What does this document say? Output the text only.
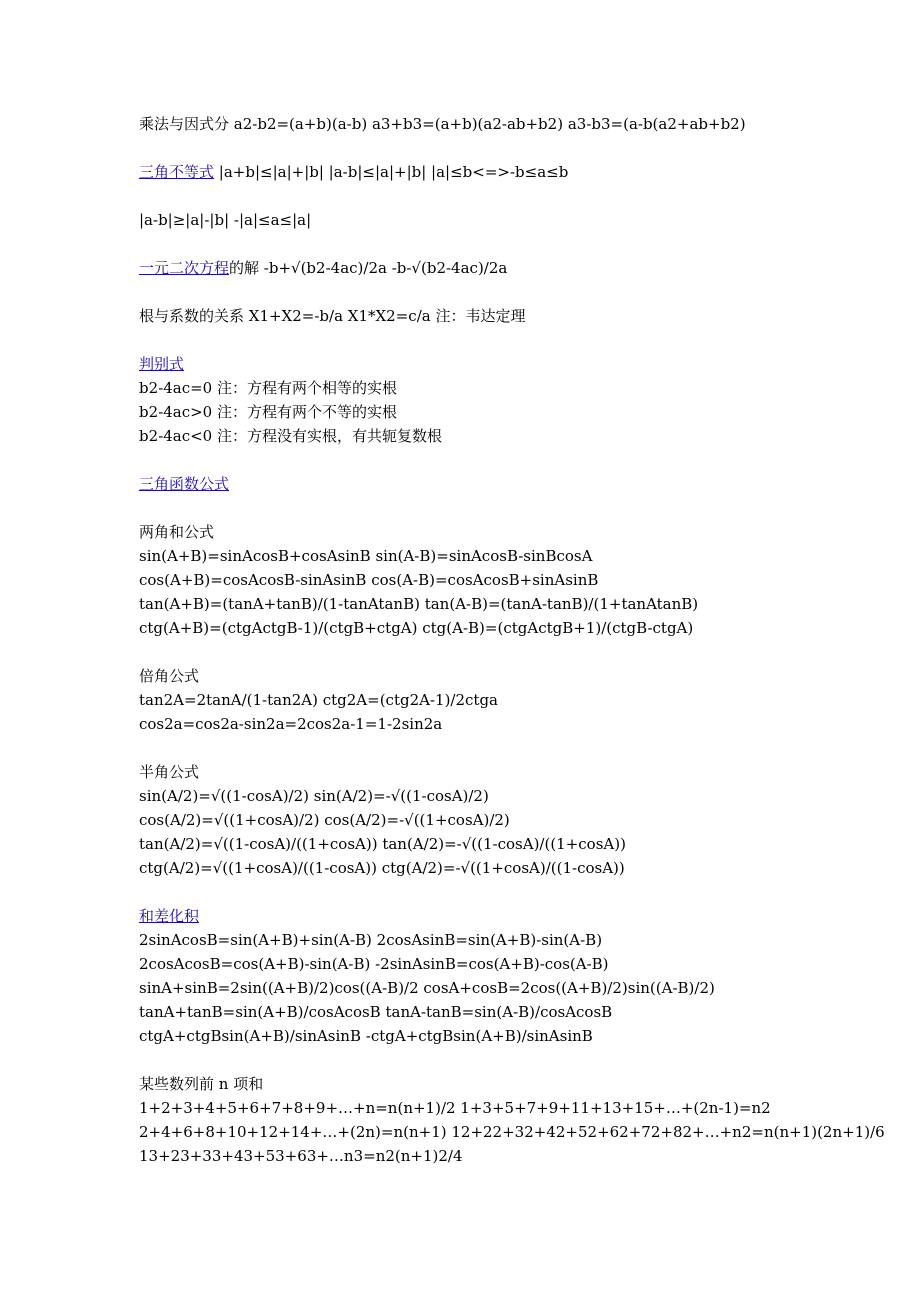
乘法与因式分 a2-b2=(a+b)(a-b) a3+b3=(a+b)(a2-ab+b2) a3-b3=(a-b(a2+ab+b2)

三角不等式 |a+b|≤|a|+|b| |a-b|≤|a|+|b| |a|≤b<=>-b≤a≤b

|a-b|≥|a|-|b| -|a|≤a≤|a|

一元二次方程的解 -b+√(b2-4ac)/2a -b-√(b2-4ac)/2a

根与系数的关系 X1+X2=-b/a X1*X2=c/a 注：韦达定理

判别式

b2-4ac=0 注：方程有两个相等的实根

b2-4ac>0 注：方程有两个不等的实根

b2-4ac<0 注：方程没有实根，有共轭复数根

三角函数公式

两角和公式

sin(A+B)=sinAcosB+cosAsinB sin(A-B)=sinAcosB-sinBcosA

cos(A+B)=cosAcosB-sinAsinB cos(A-B)=cosAcosB+sinAsinB

tan(A+B)=(tanA+tanB)/(1-tanAtanB) tan(A-B)=(tanA-tanB)/(1+tanAtanB)

ctg(A+B)=(ctgActgB-1)/(ctgB+ctgA) ctg(A-B)=(ctgActgB+1)/(ctgB-ctgA)

倍角公式

tan2A=2tanA/(1-tan2A) ctg2A=(ctg2A-1)/2ctga

cos2a=cos2a-sin2a=2cos2a-1=1-2sin2a

半角公式

sin(A/2)=√((1-cosA)/2) sin(A/2)=-√((1-cosA)/2)

cos(A/2)=√((1+cosA)/2) cos(A/2)=-√((1+cosA)/2)

tan(A/2)=√((1-cosA)/((1+cosA)) tan(A/2)=-√((1-cosA)/((1+cosA))

ctg(A/2)=√((1+cosA)/((1-cosA)) ctg(A/2)=-√((1+cosA)/((1-cosA))

和差化积

2sinAcosB=sin(A+B)+sin(A-B) 2cosAsinB=sin(A+B)-sin(A-B)

2cosAcosB=cos(A+B)-sin(A-B) -2sinAsinB=cos(A+B)-cos(A-B)

sinA+sinB=2sin((A+B)/2)cos((A-B)/2 cosA+cosB=2cos((A+B)/2)sin((A-B)/2)

tanA+tanB=sin(A+B)/cosAcosB tanA-tanB=sin(A-B)/cosAcosB

ctgA+ctgBsin(A+B)/sinAsinB -ctgA+ctgBsin(A+B)/sinAsinB

某些数列前 n 项和

1+2+3+4+5+6+7+8+9+…+n=n(n+1)/2 1+3+5+7+9+11+13+15+…+(2n-1)=n2

2+4+6+8+10+12+14+…+(2n)=n(n+1) 12+22+32+42+52+62+72+82+…+n2=n(n+1)(2n+1)/6

13+23+33+43+53+63+…n3=n2(n+1)2/4
